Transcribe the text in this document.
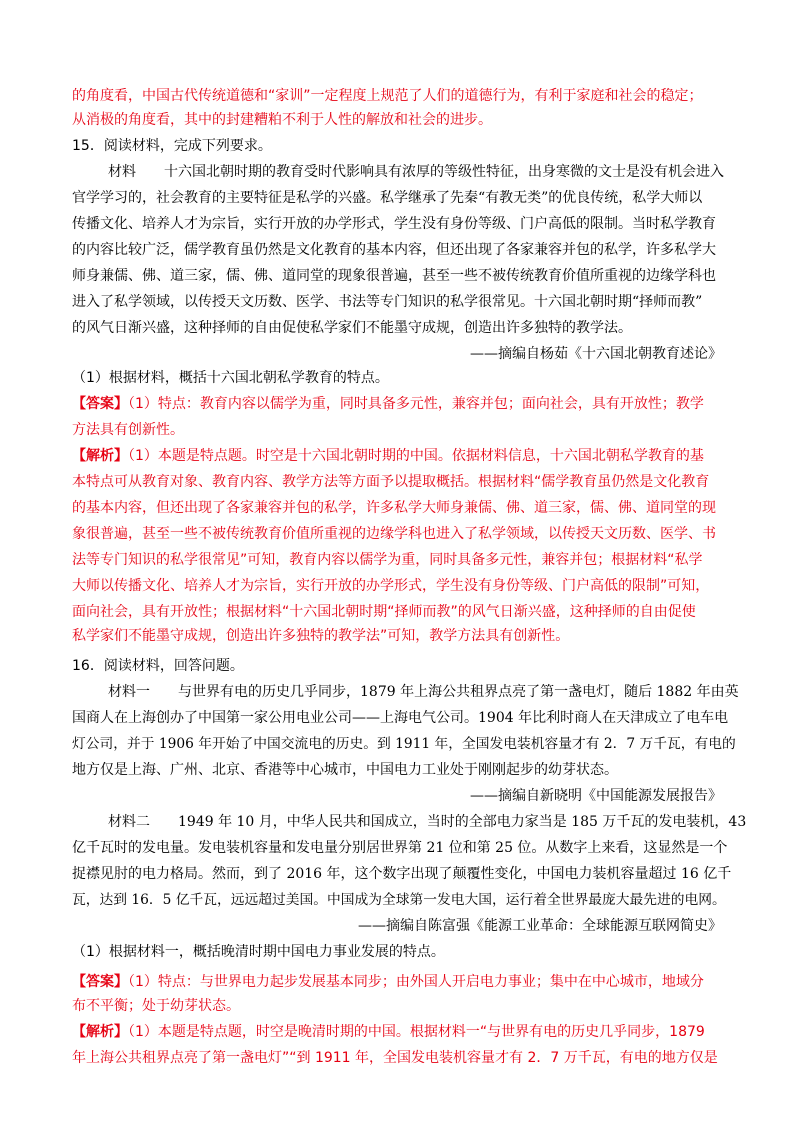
的角度看，中国古代传统道德和“家训”一定程度上规范了人们的道德行为，有利于家庭和社会的稳定；
从消极的角度看，其中的封建糟粕不利于人性的解放和社会的进步。
15．阅读材料，完成下列要求。
材料　　十六国北朝时期的教育受时代影响具有浓厚的等级性特征，出身寒微的文士是没有机会进入
官学学习的，社会教育的主要特征是私学的兴盛。私学继承了先秦“有教无类”的优良传统，私学大师以
传播文化、培养人才为宗旨，实行开放的办学形式，学生没有身份等级、门户高低的限制。当时私学教育
的内容比较广泛，儒学教育虽仍然是文化教育的基本内容，但还出现了各家兼容并包的私学，许多私学大
师身兼儒、佛、道三家，儒、佛、道同堂的现象很普遍，甚至一些不被传统教育价值所重视的边缘学科也
进入了私学领域，以传授天文历数、医学、书法等专门知识的私学很常见。十六国北朝时期“择师而教”
的风气日渐兴盛，这种择师的自由促使私学家们不能墨守成规，创造出许多独特的教学法。
——摘编自杨茹《十六国北朝教育述论》
（1）根据材料，概括十六国北朝私学教育的特点。
【答案】（1）特点：教育内容以儒学为重，同时具备多元性，兼容并包；面向社会，具有开放性；教学
方法具有创新性。
【解析】（1）本题是特点题。时空是十六国北朝时期的中国。依据材料信息，十六国北朝私学教育的基
本特点可从教育对象、教育内容、教学方法等方面予以提取概括。根据材料“儒学教育虽仍然是文化教育
的基本内容，但还出现了各家兼容并包的私学，许多私学大师身兼儒、佛、道三家，儒、佛、道同堂的现
象很普遍，甚至一些不被传统教育价值所重视的边缘学科也进入了私学领域，以传授天文历数、医学、书
法等专门知识的私学很常见”可知，教育内容以儒学为重，同时具备多元性，兼容并包；根据材料“私学
大师以传播文化、培养人才为宗旨，实行开放的办学形式，学生没有身份等级、门户高低的限制”可知，
面向社会，具有开放性；根据材料“十六国北朝时期“择师而教”的风气日渐兴盛，这种择师的自由促使
私学家们不能墨守成规，创造出许多独特的教学法”可知，教学方法具有创新性。
16．阅读材料，回答问题。
材料一　　与世界有电的历史几乎同步，1879 年上海公共租界点亮了第一盏电灯，随后 1882 年由英
国商人在上海创办了中国第一家公用电业公司——上海电气公司。1904 年比利时商人在天津成立了电车电
灯公司，并于 1906 年开始了中国交流电的历史。到 1911 年，全国发电装机容量才有 2．7 万千瓦，有电的
地方仅是上海、广州、北京、香港等中心城市，中国电力工业处于刚刚起步的幼芽状态。
——摘编自新晓明《中国能源发展报告》
材料二　　1949 年 10 月，中华人民共和国成立，当时的全部电力家当是 185 万千瓦的发电装机，43
亿千瓦时的发电量。发电装机容量和发电量分别居世界第 21 位和第 25 位。从数字上来看，这显然是一个
捉襟见肘的电力格局。然而，到了 2016 年，这个数字出现了颠覆性变化，中国电力装机容量超过 16 亿千
瓦，达到 16．5 亿千瓦，远远超过美国。中国成为全球第一发电大国，运行着全世界最庞大最先进的电网。
——摘编自陈富强《能源工业革命：全球能源互联网简史》
（1）根据材料一，概括晚清时期中国电力事业发展的特点。
【答案】（1）特点：与世界电力起步发展基本同步；由外国人开启电力事业；集中在中心城市，地域分
布不平衡；处于幼芽状态。
【解析】（1）本题是特点题，时空是晚清时期的中国。根据材料一“与世界有电的历史几乎同步，1879
年上海公共租界点亮了第一盏电灯”“到 1911 年，全国发电装机容量才有 2．7 万千瓦，有电的地方仅是
